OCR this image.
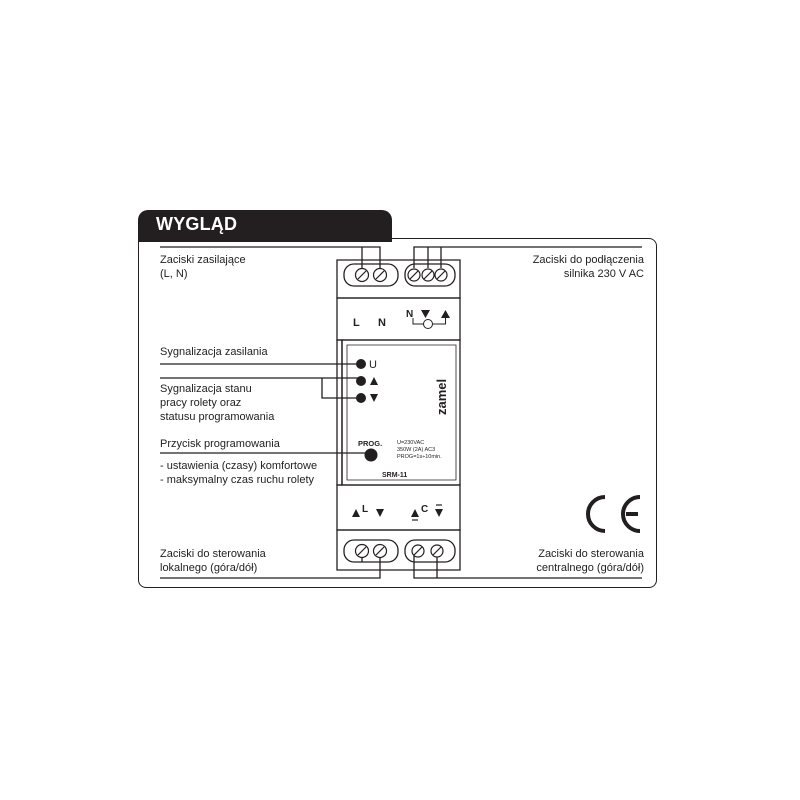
WYGLĄD
Zaciski zasilające
(L, N)
Sygnalizacja zasilania
Sygnalizacja stanu
pracy rolety oraz
statusu programowania
Przycisk programowania
- ustawienia (czasy) komfortowe
- maksymalny czas ruchu rolety
Zaciski do sterowania
lokalnego (góra/dół)
Zaciski do podłączenia
silnika 230 V AC
Zaciski do sterowania
centralnego (góra/dół)
L N
N
U
zamel
PROG.	U=230VAC
350W (2A) AC3
PROG=1s÷10min.
SRM-11
L	C
